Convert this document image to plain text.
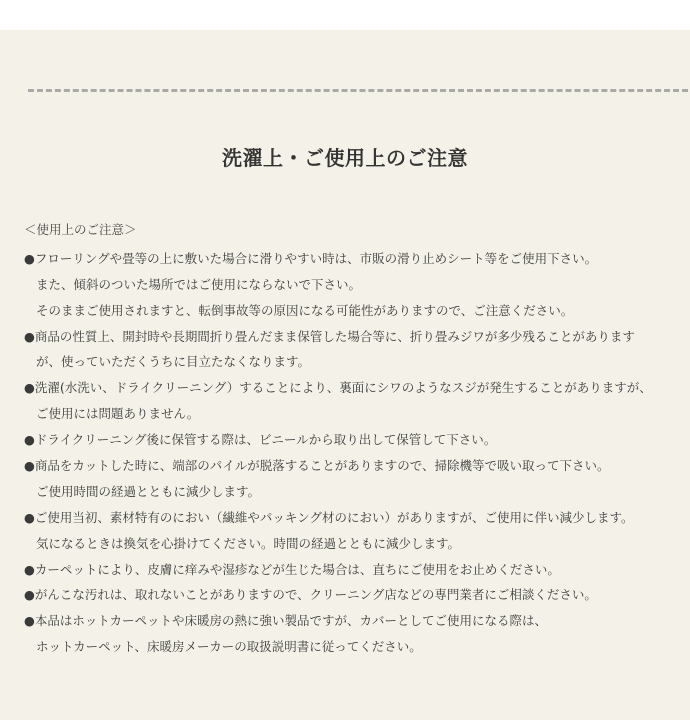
洗濯上・ご使用上のご注意
＜使用上のご注意＞
●フローリングや畳等の上に敷いた場合に滑りやすい時は、市販の滑り止めシート等をご使用下さい。
また、傾斜のついた場所ではご使用にならないで下さい。
そのままご使用されますと、転倒事故等の原因になる可能性がありますので、ご注意ください。
●商品の性質上、開封時や長期間折り畳んだまま保管した場合等に、折り畳みジワが多少残ることがあります
が、使っていただくうちに目立たなくなります。
●洗濯(水洗い、ドライクリーニング）することにより、裏面にシワのようなスジが発生することがありますが、
ご使用には問題ありません。
●ドライクリーニング後に保管する際は、ビニールから取り出して保管して下さい。
●商品をカットした時に、端部のパイルが脱落することがありますので、掃除機等で吸い取って下さい。
ご使用時間の経過とともに減少します。
●ご使用当初、素材特有のにおい（繊維やパッキング材のにおい）がありますが、ご使用に伴い減少します。
気になるときは換気を心掛けてください。時間の経過とともに減少します。
●カーペットにより、皮膚に痒みや湿疹などが生じた場合は、直ちにご使用をお止めください。
●がんこな汚れは、取れないことがありますので、クリーニング店などの専門業者にご相談ください。
●本品はホットカーペットや床暖房の熱に強い製品ですが、カバーとしてご使用になる際は、
ホットカーペット、床暖房メーカーの取扱説明書に従ってください。
